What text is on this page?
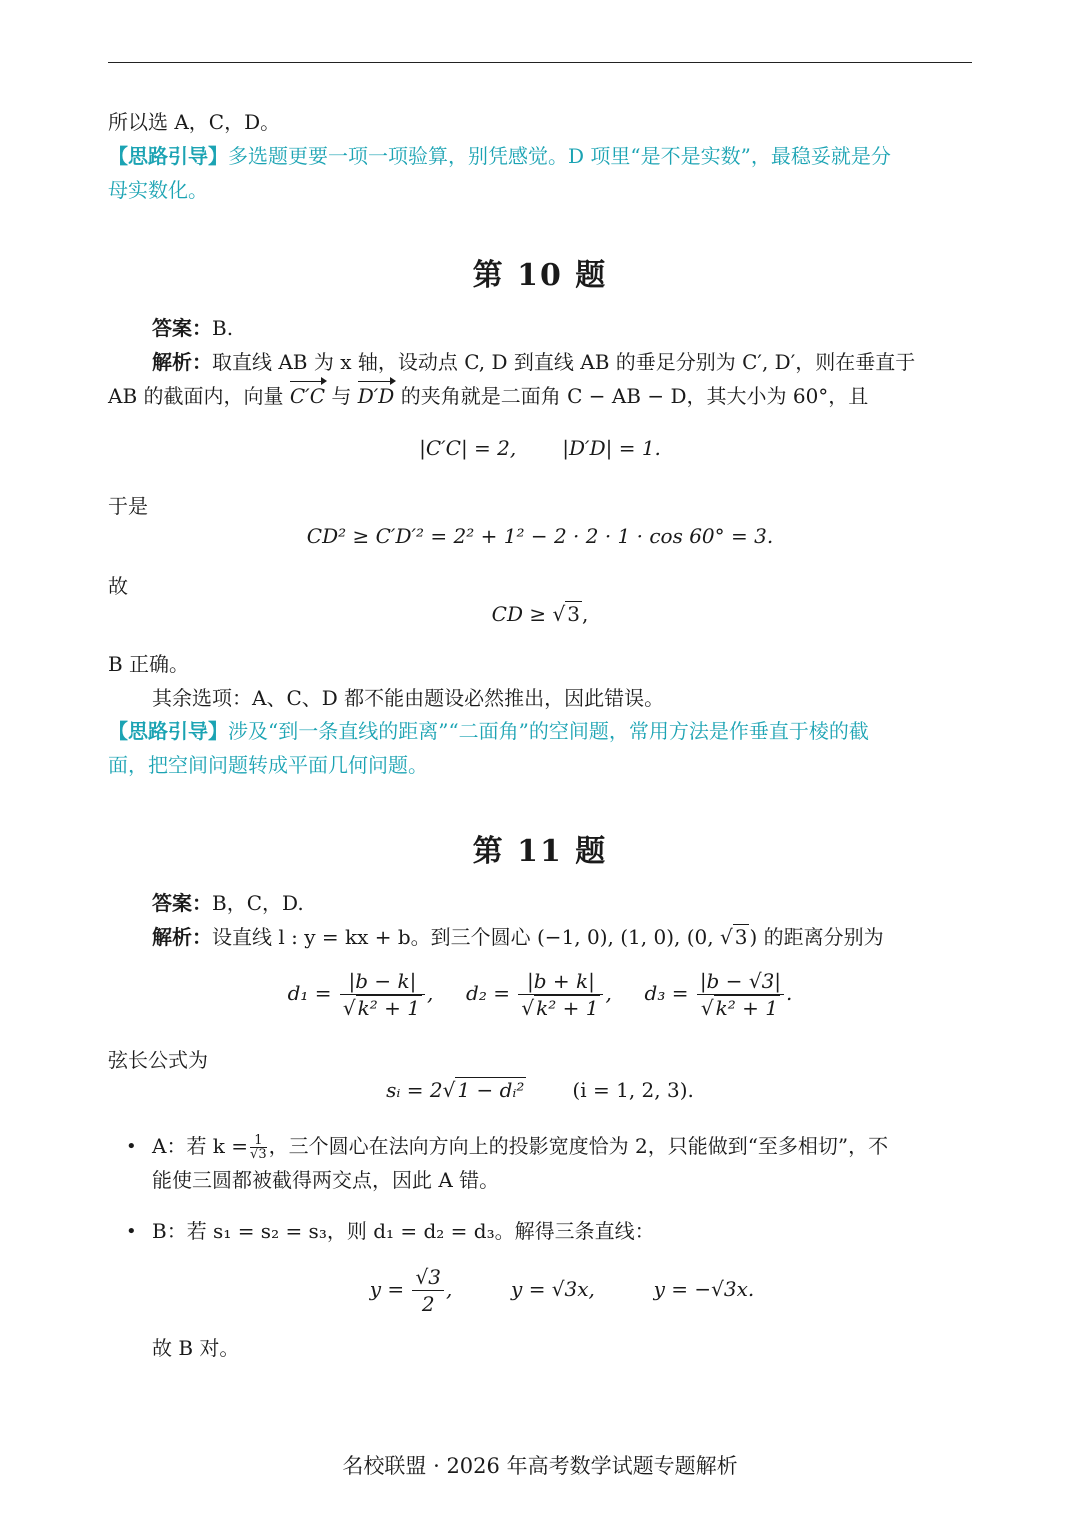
所以选 A，C，D。
【思路引导】多选题更要一项一项验算，别凭感觉。D 项里“是不是实数”，最稳妥就是分
母实数化。
第 10 题
答案：B.
解析：取直线 AB 为 x 轴，设动点 C, D 到直线 AB 的垂足分别为 C′, D′，则在垂直于
AB 的截面内，向量 C′C 与 D′D 的夹角就是二面角 C − AB − D，其大小为 60°，且
|C′C| = 2, |D′D| = 1.
于是
CD² ≥ C′D′² = 2² + 1² − 2 · 2 · 1 · cos 60° = 3.
故
CD ≥ √ 3 ,
B 正确。
其余选项：A、C、D 都不能由题设必然推出，因此错误。
【思路引导】涉及“到一条直线的距离”“二面角”的空间题，常用方法是作垂直于棱的截
面，把空间问题转成平面几何问题。
第 11 题
答案：B，C，D.
解析：设直线 l : y = kx + b。到三个圆心 (−1, 0), (1, 0), (0, √ 3 ) 的距离分别为
$d_1 = \frac{|b - k|}{\text{√ k² + 1}}$ ,  $d_2 = \frac{|b + k|}{\text{√ k² + 1}}$ ,  $d_3 = \frac{|b - √3|}{\text{√ k² + 1}}$ .
弦长公式为
sᵢ = 2√ 1 − dᵢ² (i = 1, 2, 3).
• A：若 $k = \frac{1}{√3}$ ，三个圆心在法向方向上的投影宽度恰为 2，只能做到“至多相切”，不
能使三圆都被截得两交点，因此 A 错。
• B：若 s₁ = s₂ = s₃，则 d₁ = d₂ = d₃。解得三条直线：
$y = \frac{√3}{2}$ ,	y = √3x,	y = −√3x.
故 B 对。
名校联盟 · 2026 年高考数学试题专题解析
